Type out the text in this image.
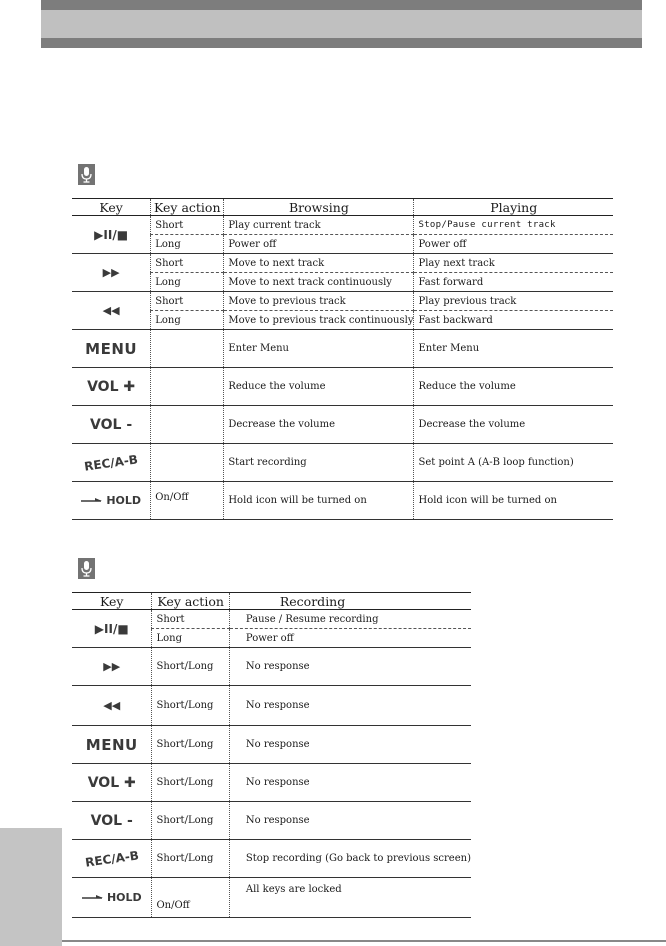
Key	Key action	Browsing	Playing
▶II/■	Short	Play current track	Stop/Pause current track
	Long	Power off	Power off
▶▶	Short	Move to next track	Play next track
	Long	Move to next track continuously	Fast forward
◀◀	Short	Move to previous track	Play previous track
	Long	Move to previous track continuously	Fast backward
MENU		Enter Menu	Enter Menu
VOL ✚		Reduce the volume	Reduce the volume
VOL -		Decrease the volume	Decrease the volume
REC/A-B		Start recording	Set point A (A-B loop function)
HOLD	On/Off	Hold icon will be turned on	Hold icon will be turned on
Key	Key action	Recording
▶II/■	Short	Pause / Resume recording
	Long	Power off
▶▶	Short/Long	No response
◀◀	Short/Long	No response
MENU	Short/Long	No response
VOL ✚	Short/Long	No response
VOL -	Short/Long	No response
REC/A-B	Short/Long	Stop recording (Go back to previous screen)
HOLD	On/Off	All keys are locked
